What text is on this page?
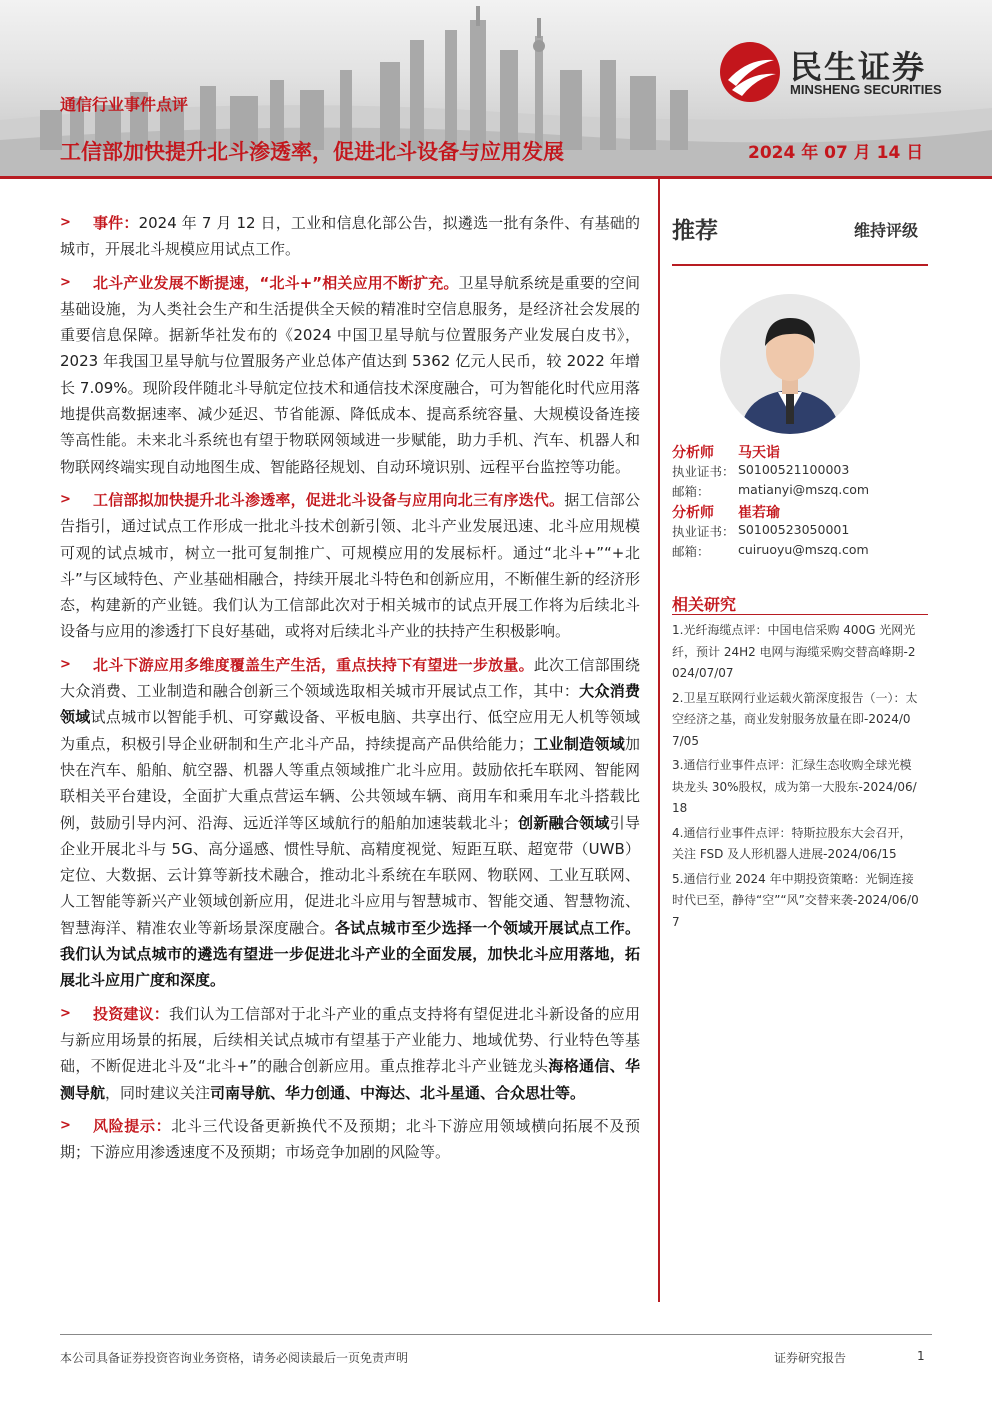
民生证券
MINSHENG SECURITIES
通信行业事件点评
工信部加快提升北斗渗透率，促进北斗设备与应用发展	2024 年 07 月 14 日
> 事件：2024 年 7 月 12 日，工业和信息化部公告，拟遴选一批有条件、有基础的城市，开展北斗规模应用试点工作。
> 北斗产业发展不断提速，“北斗+”相关应用不断扩充。卫星导航系统是重要的空间基础设施，为人类社会生产和生活提供全天候的精准时空信息服务，是经济社会发展的重要信息保障。据新华社发布的《2024 中国卫星导航与位置服务产业发展白皮书》，2023 年我国卫星导航与位置服务产业总体产值达到 5362 亿元人民币，较 2022 年增长 7.09%。现阶段伴随北斗导航定位技术和通信技术深度融合，可为智能化时代应用落地提供高数据速率、减少延迟、节省能源、降低成本、提高系统容量、大规模设备连接等高性能。未来北斗系统也有望于物联网领域进一步赋能，助力手机、汽车、机器人和物联网终端实现自动地图生成、智能路径规划、自动环境识别、远程平台监控等功能。
> 工信部拟加快提升北斗渗透率，促进北斗设备与应用向北三有序迭代。据工信部公告指引，通过试点工作形成一批北斗技术创新引领、北斗产业发展迅速、北斗应用规模可观的试点城市，树立一批可复制推广、可规模应用的发展标杆。通过“北斗+”“+北斗”与区域特色、产业基础相融合，持续开展北斗特色和创新应用，不断催生新的经济形态，构建新的产业链。我们认为工信部此次对于相关城市的试点开展工作将为后续北斗设备与应用的渗透打下良好基础，或将对后续北斗产业的扶持产生积极影响。
> 北斗下游应用多维度覆盖生产生活，重点扶持下有望进一步放量。此次工信部围绕大众消费、工业制造和融合创新三个领域选取相关城市开展试点工作，其中：大众消费领域试点城市以智能手机、可穿戴设备、平板电脑、共享出行、低空应用无人机等领域为重点，积极引导企业研制和生产北斗产品，持续提高产品供给能力；工业制造领域加快在汽车、船舶、航空器、机器人等重点领域推广北斗应用。鼓励依托车联网、智能网联相关平台建设，全面扩大重点营运车辆、公共领域车辆、商用车和乘用车北斗搭载比例，鼓励引导内河、沿海、远近洋等区域航行的船舶加速装载北斗；创新融合领域引导企业开展北斗与 5G、高分遥感、惯性导航、高精度视觉、短距互联、超宽带（UWB）定位、大数据、云计算等新技术融合，推动北斗系统在车联网、物联网、工业互联网、人工智能等新兴产业领域创新应用，促进北斗应用与智慧城市、智能交通、智慧物流、智慧海洋、精准农业等新场景深度融合。各试点城市至少选择一个领域开展试点工作。我们认为试点城市的遴选有望进一步促进北斗产业的全面发展，加快北斗应用落地，拓展北斗应用广度和深度。
> 投资建议：我们认为工信部对于北斗产业的重点支持将有望促进北斗新设备的应用与新应用场景的拓展，后续相关试点城市有望基于产业能力、地域优势、行业特色等基础，不断促进北斗及“北斗+”的融合创新应用。重点推荐北斗产业链龙头海格通信、华测导航，同时建议关注司南导航、华力创通、中海达、北斗星通、合众思壮等。
> 风险提示：北斗三代设备更新换代不及预期；北斗下游应用领域横向拓展不及预期；下游应用渗透速度不及预期；市场竞争加剧的风险等。
推荐	维持评级
分析师 马天诣
执业证书： S0100521100003
邮箱： matianyi@mszq.com
分析师 崔若瑜
执业证书： S0100523050001
邮箱： cuiruoyu@mszq.com
相关研究
1.光纤海缆点评：中国电信采购 400G 光网光纤，预计 24H2 电网与海缆采购交替高峰期-2024/07/07
2.卫星互联网行业运载火箭深度报告（一）：太空经济之基，商业发射服务放量在即-2024/07/05
3.通信行业事件点评：汇绿生态收购全球光模块龙头 30%股权，成为第一大股东-2024/06/18
4.通信行业事件点评：特斯拉股东大会召开，关注 FSD 及人形机器人进展-2024/06/15
5.通信行业 2024 年中期投资策略：光铜连接时代已至，静待“空”“风”交替来袭-2024/06/07
本公司具备证券投资咨询业务资格，请务必阅读最后一页免责声明	证券研究报告	1
